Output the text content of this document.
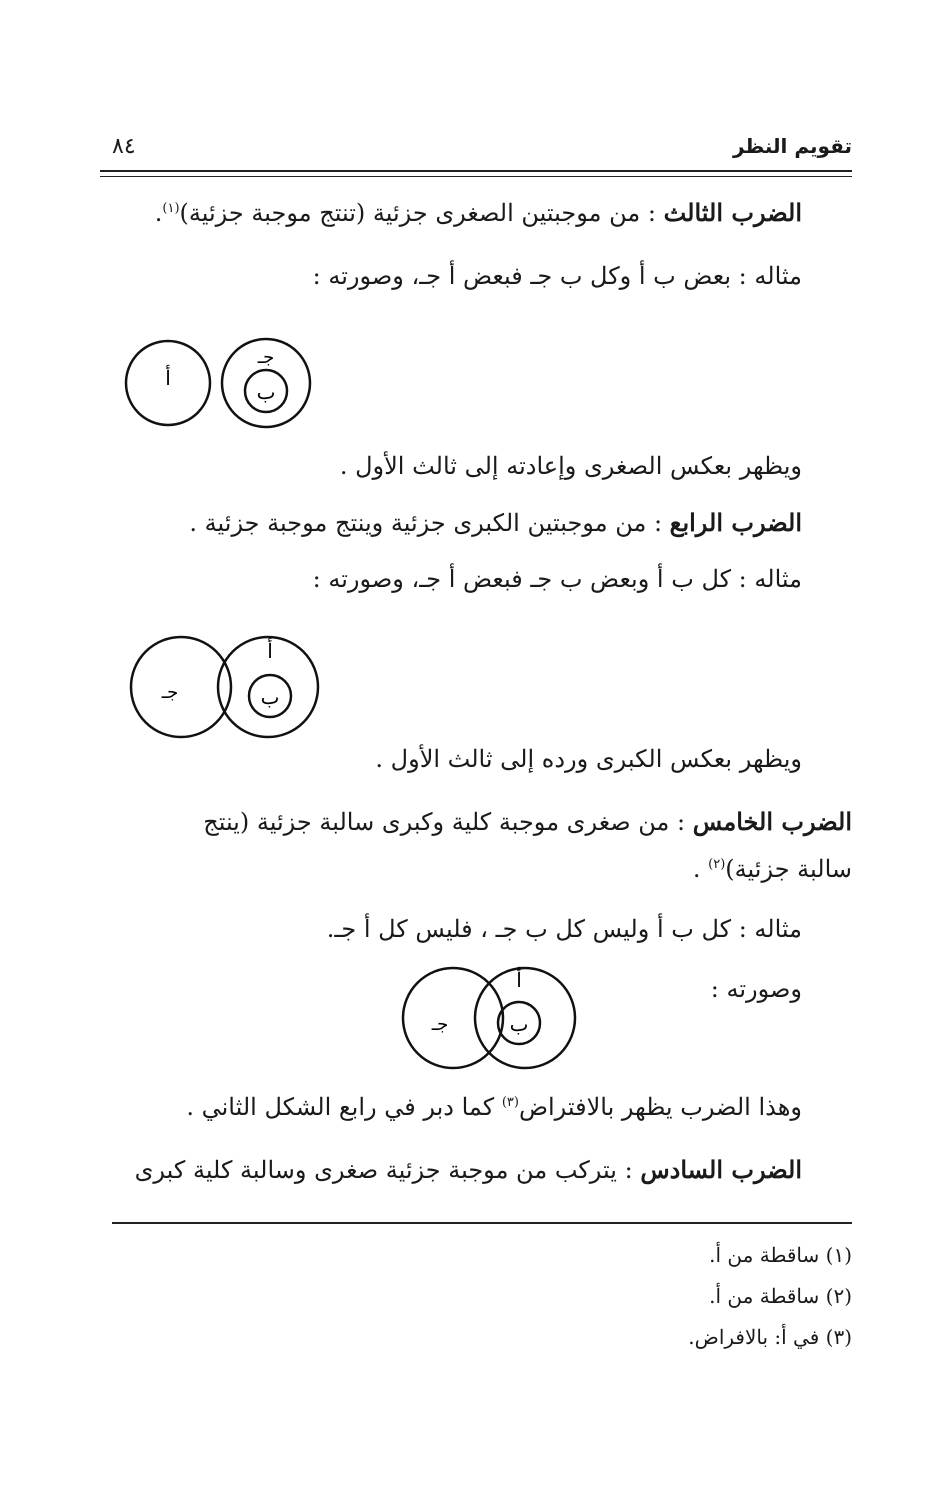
تقويم النظر
٨٤
الضرب الثالث : من موجبتين الصغرى جزئية (تنتج موجبة جزئية)$^{(١)}$.
مثاله : بعض ب أ وكل ب جـ فبعض أ جـ، وصورته :
أ
جـ
ب
ويظهر بعكس الصغرى وإعادته إلى ثالث الأول .
الضرب الرابع : من موجبتين الكبرى جزئية وينتج موجبة جزئية .
مثاله : كل ب أ وبعض ب جـ فبعض أ جـ، وصورته :
جـ
أ
ب
ويظهر بعكس الكبرى ورده إلى ثالث الأول .
الضرب الخامس : من صغرى موجبة كلية وكبرى سالبة جزئية (ينتج
سالبة جزئية)$^{(٢)}$ .
مثاله : كل ب أ وليس كل ب جـ ، فليس كل أ جـ.
وصورته :
جـ
أ
ب
وهذا الضرب يظهر بالافتراض$^{(٣)}$ كما دبر في رابع الشكل الثاني .
الضرب السادس : يتركب من موجبة جزئية صغرى وسالبة كلية كبرى
(١) ساقطة من أ.
(٢) ساقطة من أ.
(٣) في أ: بالافراض.
